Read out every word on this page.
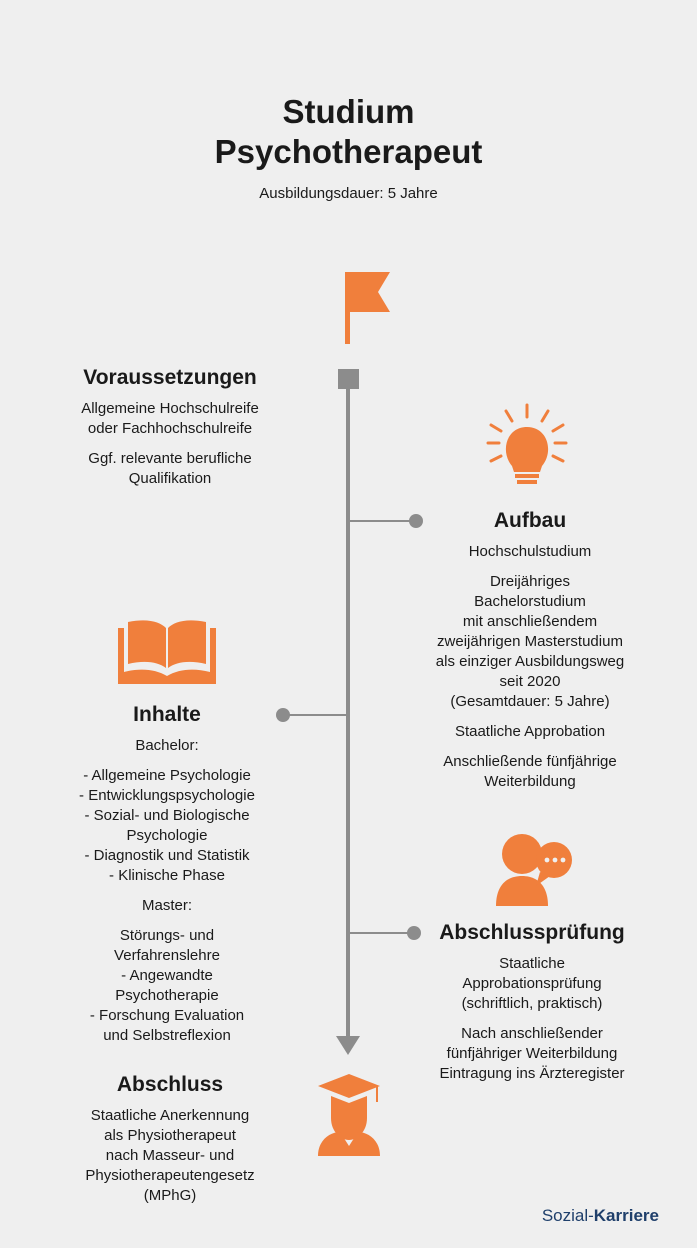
Studium
Psychotherapeut
Ausbildungsdauer: 5 Jahre
Voraussetzungen
Allgemeine Hochschulreife
oder Fachhochschulreife
Ggf. relevante berufliche
Qualifikation
Aufbau
Hochschulstudium
Dreijähriges
Bachelorstudium
mit anschließendem
zweijährigen Masterstudium
als einziger Ausbildungsweg
seit 2020
(Gesamtdauer: 5 Jahre)
Staatliche Approbation
Anschließende fünfjährige
Weiterbildung
Inhalte
Bachelor:
- Allgemeine Psychologie
- Entwicklungspsychologie
- Sozial- und Biologische
Psychologie
- Diagnostik und Statistik
- Klinische Phase
Master:
Störungs- und
Verfahrenslehre
- Angewandte
Psychotherapie
- Forschung Evaluation
und Selbstreflexion
Abschlussprüfung
Staatliche
Approbationsprüfung
(schriftlich, praktisch)
Nach anschließender
fünfjähriger Weiterbildung
Eintragung ins Ärzteregister
Abschluss
Staatliche Anerkennung
als Physiotherapeut
nach Masseur- und
Physiotherapeutengesetz
(MPhG)
Sozial-Karriere
